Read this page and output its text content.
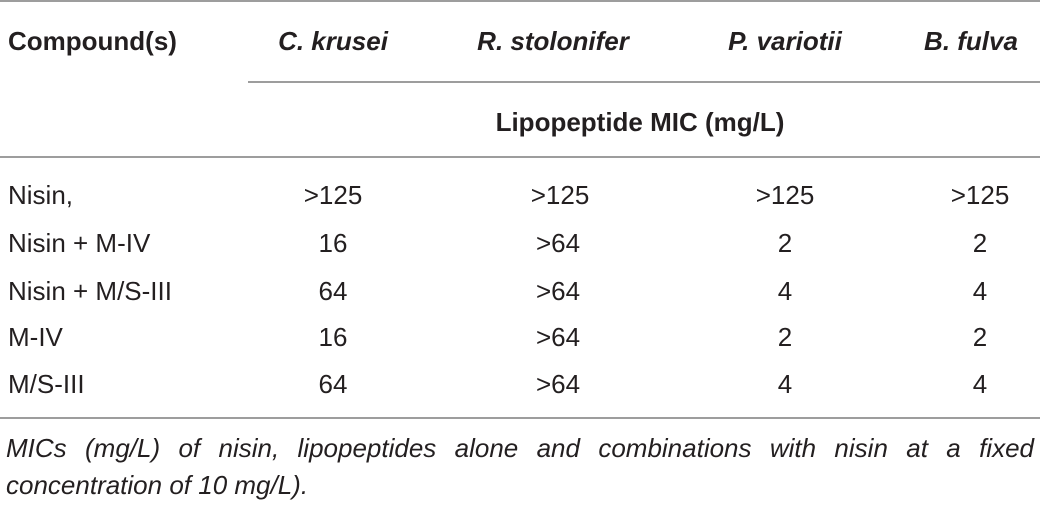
Compound(s)	C. krusei	R. stolonifer	P. variotii	B. fulva
Lipopeptide MIC (mg/L)
Nisin,	>125	>125	>125	>125
Nisin + M-IV	16	>64	2	2
Nisin + M/S-III	64	>64	4	4
M-IV	16	>64	2	2
M/S-III	64	>64	4	4
MICs (mg/L) of nisin, lipopeptides alone and combinations with nisin at a fixed concentration of 10 mg/L).
